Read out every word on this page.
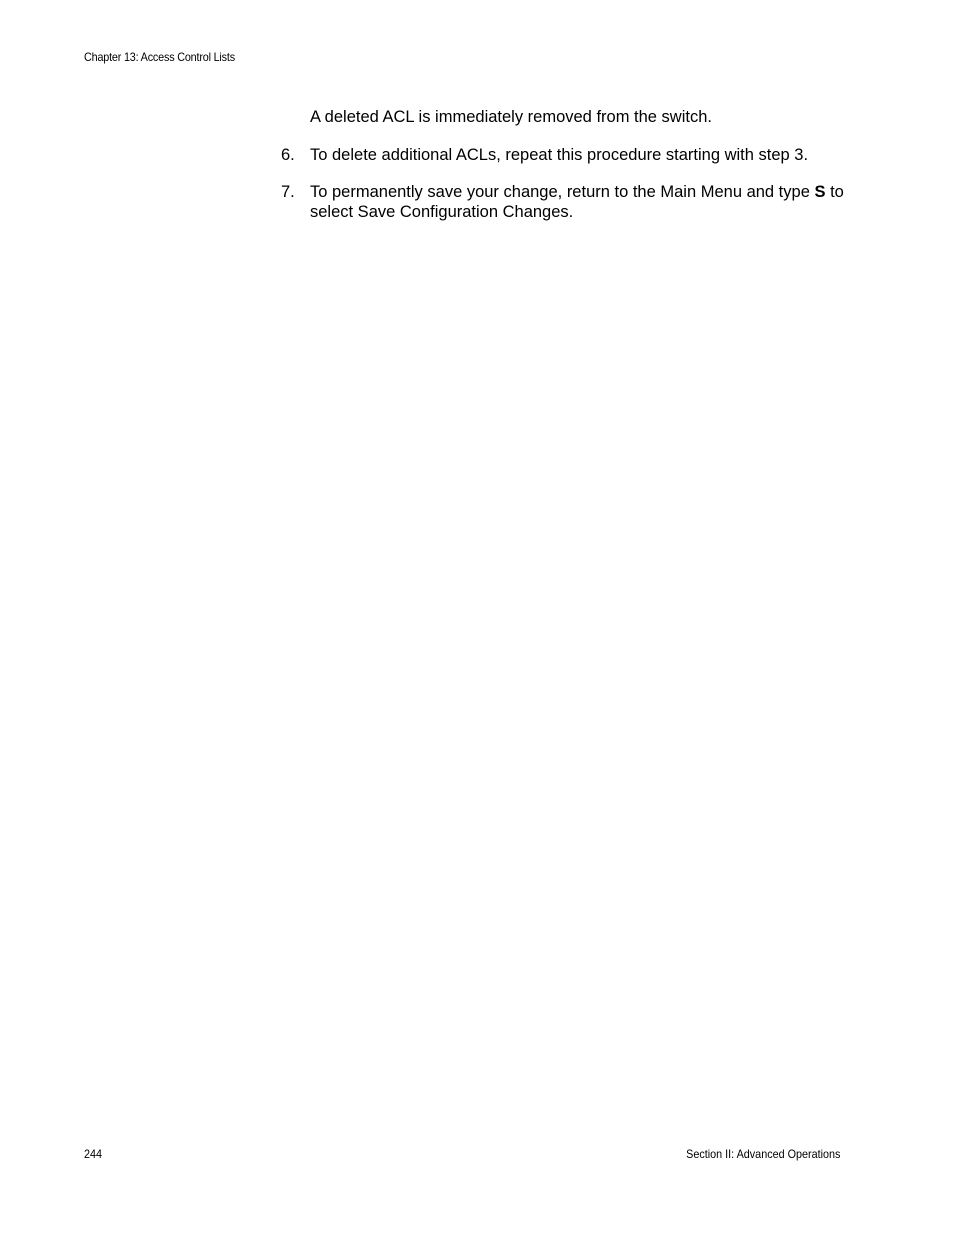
Chapter 13: Access Control Lists

A deleted ACL is immediately removed from the switch.

6. To delete additional ACLs, repeat this procedure starting with step 3.
7. To permanently save your change, return to the Main Menu and type S to select Save Configuration Changes.
244	Section II: Advanced Operations
